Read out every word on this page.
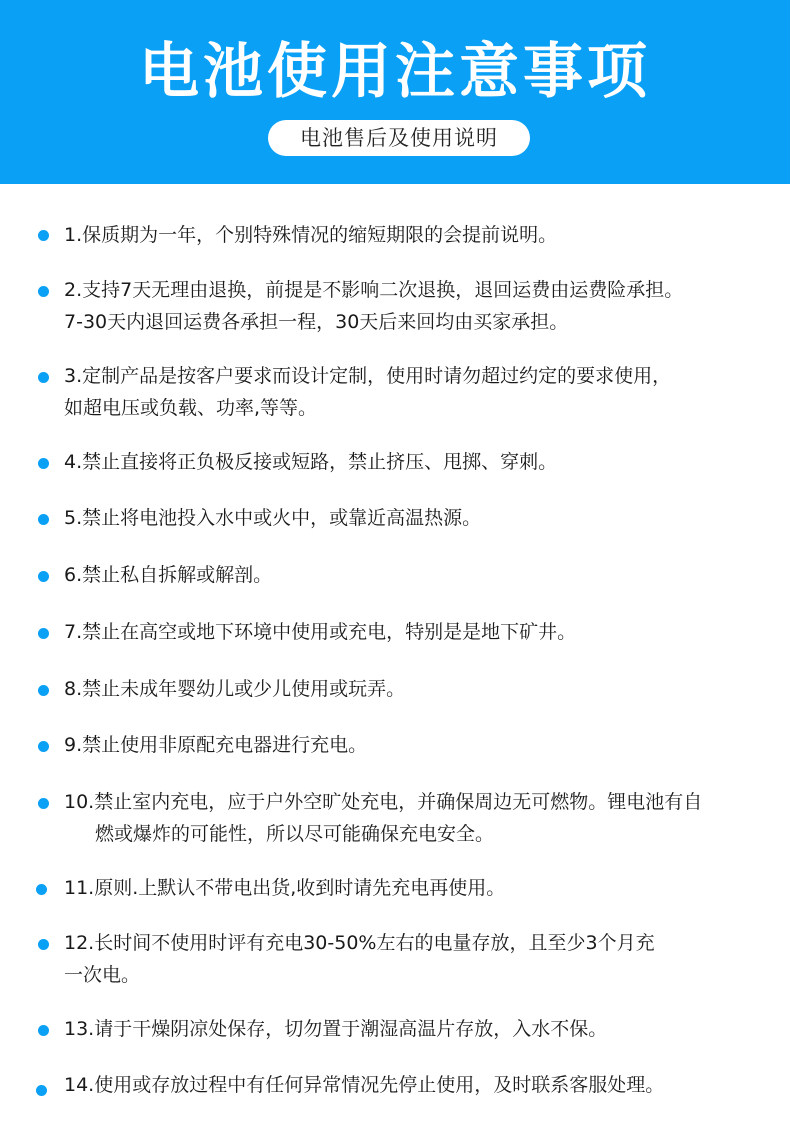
电池使用注意事项
电池售后及使用说明
1.保质期为一年，个别特殊情况的缩短期限的会提前说明。
2.支持7天无理由退换，前提是不影响二次退换，退回运费由运费险承担。
7-30天内退回运费各承担一程，30天后来回均由买家承担。
3.定制产品是按客户要求而设计定制，使用时请勿超过约定的要求使用，
如超电压或负载、功率,等等。
4.禁止直接将正负极反接或短路，禁止挤压、甩掷、穿刺。
5.禁止将电池投入水中或火中，或靠近高温热源。
6.禁止私自拆解或解剖。
7.禁止在高空或地下环境中使用或充电，特别是是地下矿井。
8.禁止未成年婴幼儿或少儿使用或玩弄。
9.禁止使用非原配充电器进行充电。
10.禁止室内充电，应于户外空旷处充电，并确保周边无可燃物。锂电池有自
燃或爆炸的可能性，所以尽可能确保充电安全。
11.原则.上默认不带电出货,收到时请先充电再使用。
12.长时间不使用时评有充电30-50%左右的电量存放，且至少3个月充
一次电。
13.请于干燥阴凉处保存，切勿置于潮湿高温片存放，入水不保。
14.使用或存放过程中有任何异常情况先停止使用，及时联系客服处理。
